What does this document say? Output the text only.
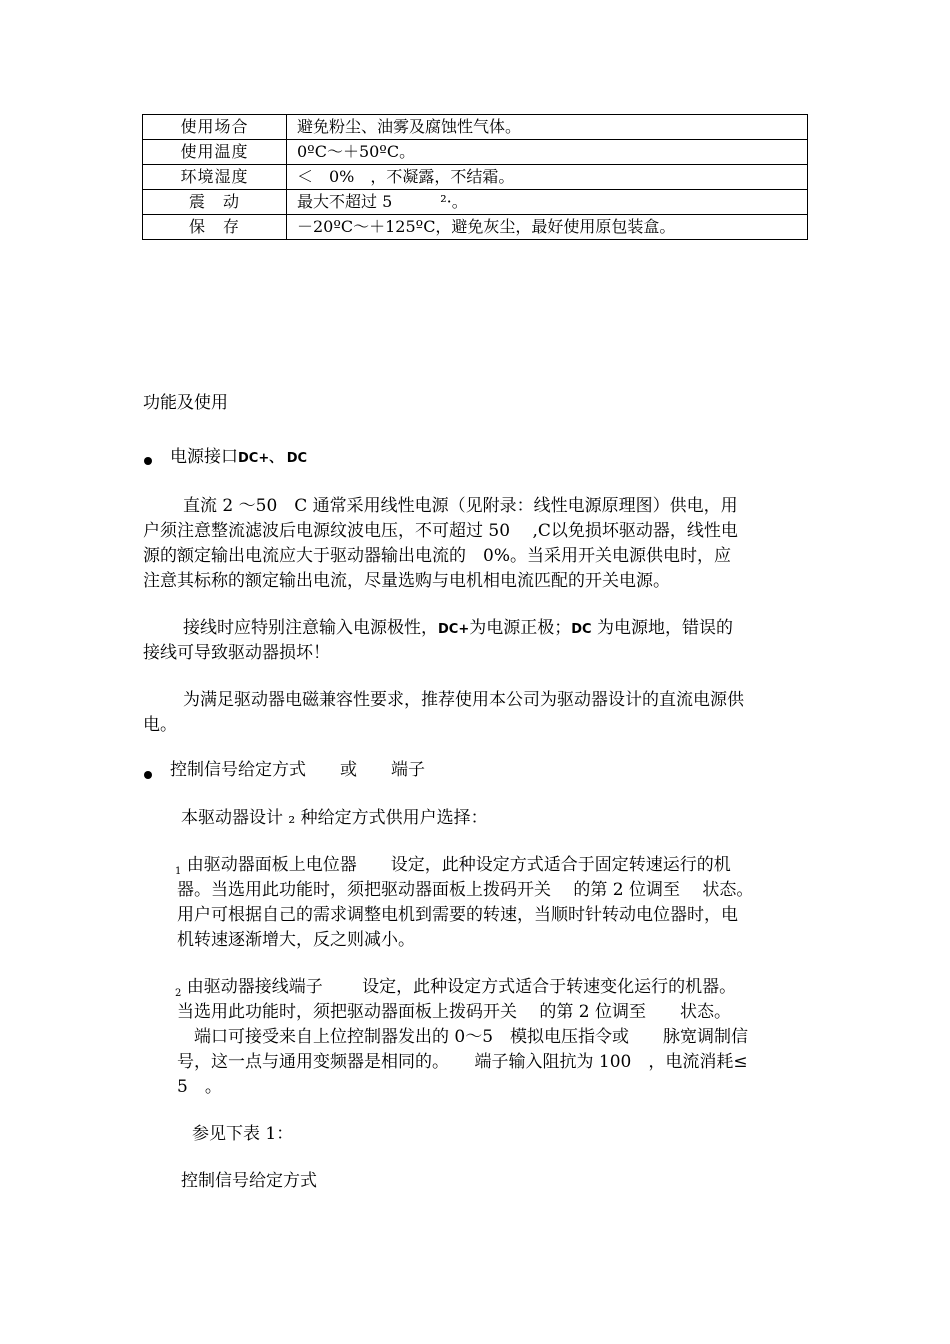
使用场合	避免粉尘、油雾及腐蚀性气体。
使用温度	0ºC～＋50ºC。
环境湿度	＜　0%　，不凝露，不结霜。
震　动	最大不超过 5　　　²·。
保　存	－20ºC～＋125ºC，避免灰尘，最好使用原包装盒。
功能及使用
电源接口DC+、 DC
直流 2 ～50　C 通常采用线性电源（见附录：线性电源原理图）供电，用
户须注意整流滤波后电源纹波电压，不可超过 50　 ,C以免损坏驱动器，线性电
源的额定输出电流应大于驱动器输出电流的　0%。当采用开关电源供电时，应
注意其标称的额定输出电流，尽量选购与电机相电流匹配的开关电源。
接线时应特别注意输入电源极性，DC+为电源正极；DC 为电源地，错误的
接线可导致驱动器损坏！
为满足驱动器电磁兼容性要求，推荐使用本公司为驱动器设计的直流电源供
电。
控制信号给定方式　　或　　端子
本驱动器设计 ₂ 种给定方式供用户选择：
$_1$ 由驱动器面板上电位器　　设定，此种设定方式适合于固定转速运行的机
器。当选用此功能时，须把驱动器面板上拨码开关　 的第 2 位调至　 状态。
用户可根据自己的需求调整电机到需要的转速，当顺时针转动电位器时，电
机转速逐渐增大，反之则减小。
$_2$ 由驱动器接线端子　　 设定，此种设定方式适合于转速变化运行的机器。
当选用此功能时，须把驱动器面板上拨码开关　 的第 2 位调至　　状态。
　端口可接受来自上位控制器发出的 0～5　模拟电压指令或　　脉宽调制信
号，这一点与通用变频器是相同的。　　端子输入阻抗为 100　，电流消耗≤
5　。
参见下表 1：
控制信号给定方式
